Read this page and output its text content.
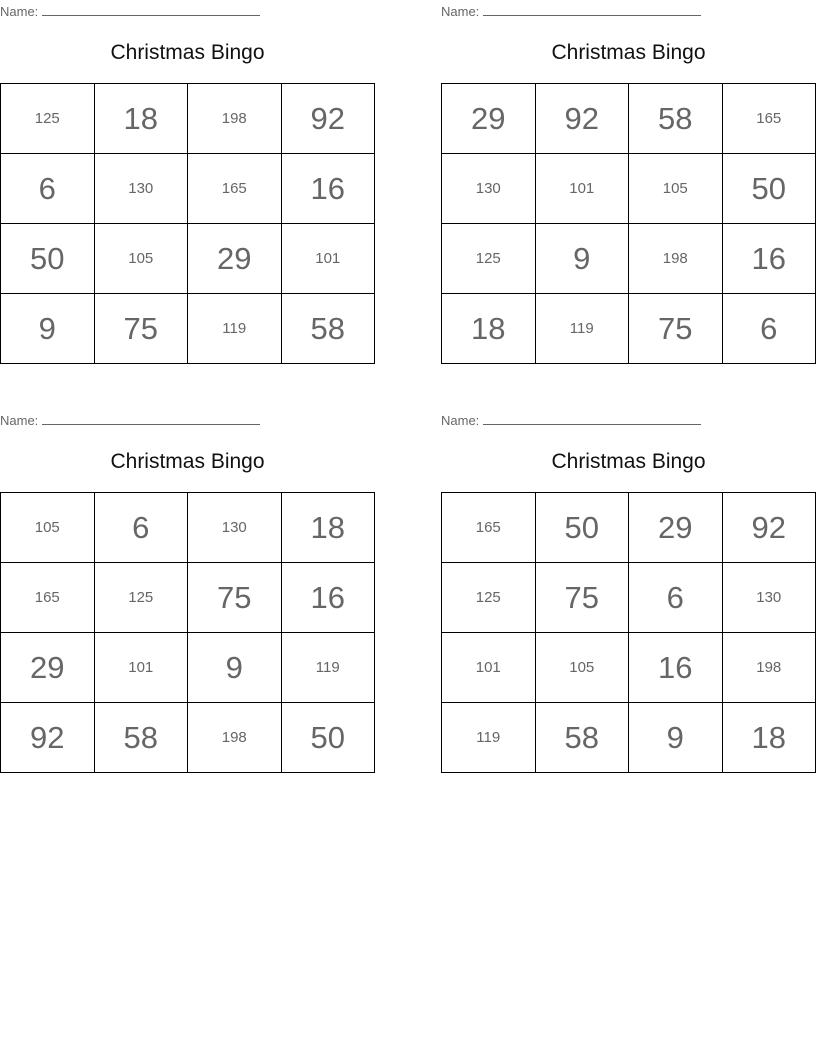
Name:
Christmas Bingo
125	18	198	92
6	130	165	16
50	105	29	101
9	75	119	58
Name:
Christmas Bingo
29	92	58	165
130	101	105	50
125	9	198	16
18	119	75	6
Name:
Christmas Bingo
105	6	130	18
165	125	75	16
29	101	9	119
92	58	198	50
Name:
Christmas Bingo
165	50	29	92
125	75	6	130
101	105	16	198
119	58	9	18
